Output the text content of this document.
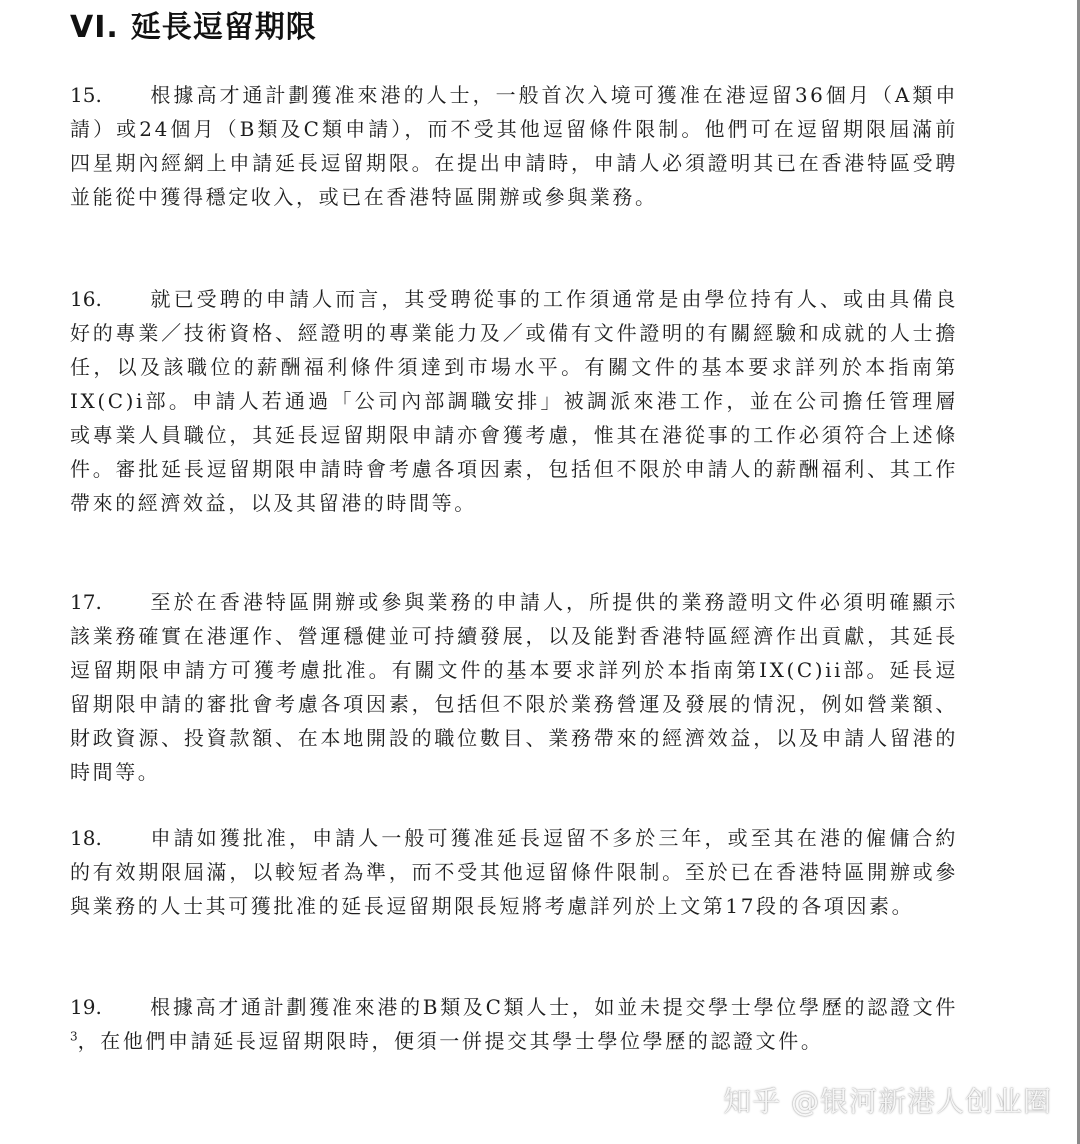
VI. 延長逗留期限

15. 根據高才通計劃獲准來港的人士，一般首次入境可獲准在港逗留36個月（A類申請）或24個月（B類及C類申請），而不受其他逗留條件限制。他們可在逗留期限屆滿前四星期內經網上申請延長逗留期限。在提出申請時，申請人必須證明其已在香港特區受聘並能從中獲得穩定收入，或已在香港特區開辦或參與業務。

16. 就已受聘的申請人而言，其受聘從事的工作須通常是由學位持有人、或由具備良好的專業／技術資格、經證明的專業能力及／或備有文件證明的有關經驗和成就的人士擔任，以及該職位的薪酬福利條件須達到市場水平。有關文件的基本要求詳列於本指南第IX(C)i部。申請人若通過「公司內部調職安排」被調派來港工作，並在公司擔任管理層或專業人員職位，其延長逗留期限申請亦會獲考慮，惟其在港從事的工作必須符合上述條件。審批延長逗留期限申請時會考慮各項因素，包括但不限於申請人的薪酬福利、其工作帶來的經濟效益，以及其留港的時間等。

17. 至於在香港特區開辦或參與業務的申請人，所提供的業務證明文件必須明確顯示該業務確實在港運作、營運穩健並可持續發展，以及能對香港特區經濟作出貢獻，其延長逗留期限申請方可獲考慮批准。有關文件的基本要求詳列於本指南第IX(C)ii部。延長逗留期限申請的審批會考慮各項因素，包括但不限於業務營運及發展的情況，例如營業額、財政資源、投資款額、在本地開設的職位數目、業務帶來的經濟效益，以及申請人留港的時間等。

18. 申請如獲批准，申請人一般可獲准延長逗留不多於三年，或至其在港的僱傭合約的有效期限屆滿，以較短者為準，而不受其他逗留條件限制。至於已在香港特區開辦或參與業務的人士其可獲批准的延長逗留期限長短將考慮詳列於上文第17段的各項因素。

19. 根據高才通計劃獲准來港的B類及C類人士，如並未提交學士學位學歷的認證文件$^3$，在他們申請延長逗留期限時，便須一併提交其學士學位學歷的認證文件。

知乎 @银河新港人创业圈
